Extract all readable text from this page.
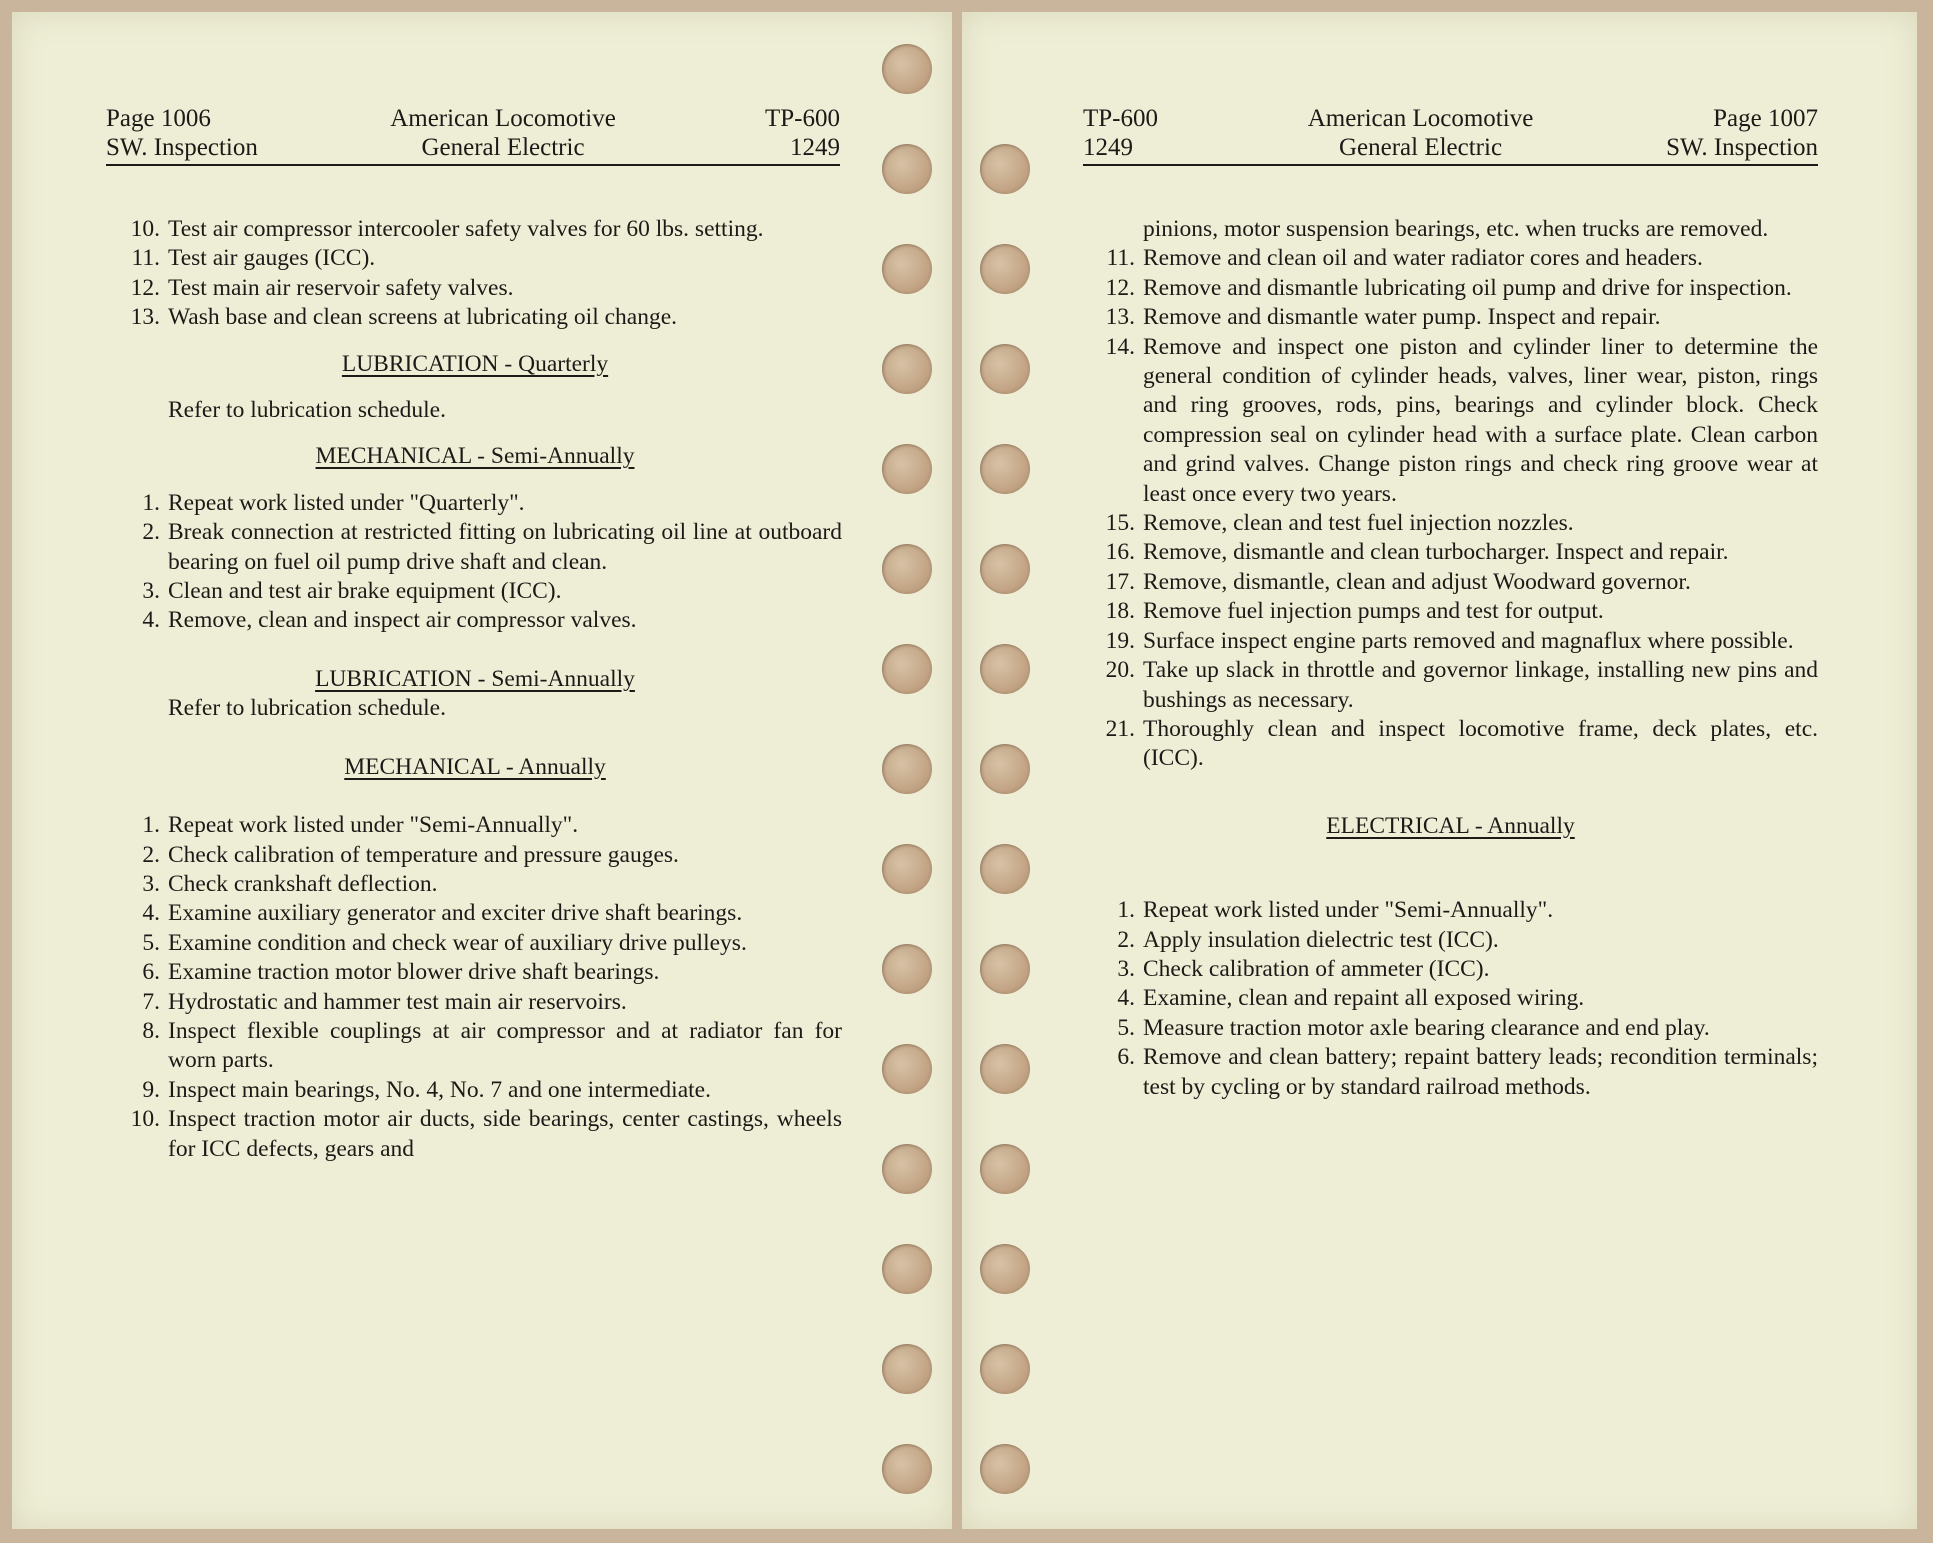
Page 1006	American Locomotive	TP-600
SW. Inspection	General Electric	1249
10. Test air compressor intercooler safety valves for 60 lbs. setting.
11. Test air gauges (ICC).
12. Test main air reservoir safety valves.
13. Wash base and clean screens at lubricating oil change.
LUBRICATION - Quarterly
Refer to lubrication schedule.
MECHANICAL - Semi-Annually
1. Repeat work listed under "Quarterly".
2. Break connection at restricted fitting on lubricating oil line at outboard bearing on fuel oil pump drive shaft and clean.
3. Clean and test air brake equipment (ICC).
4. Remove, clean and inspect air compressor valves.
LUBRICATION - Semi-Annually
Refer to lubrication schedule.
MECHANICAL - Annually
1. Repeat work listed under "Semi-Annually".
2. Check calibration of temperature and pressure gauges.
3. Check crankshaft deflection.
4. Examine auxiliary generator and exciter drive shaft bearings.
5. Examine condition and check wear of auxiliary drive pulleys.
6. Examine traction motor blower drive shaft bearings.
7. Hydrostatic and hammer test main air reservoirs.
8. Inspect flexible couplings at air compressor and at radiator fan for worn parts.
9. Inspect main bearings, No. 4, No. 7 and one intermediate.
10. Inspect traction motor air ducts, side bearings, center castings, wheels for ICC defects, gears and
TP-600	American Locomotive	Page 1007
1249	General Electric	SW. Inspection
pinions, motor suspension bearings, etc. when trucks are removed.
11. Remove and clean oil and water radiator cores and headers.
12. Remove and dismantle lubricating oil pump and drive for inspection.
13. Remove and dismantle water pump. Inspect and repair.
14. Remove and inspect one piston and cylinder liner to determine the general condition of cylinder heads, valves, liner wear, piston, rings and ring grooves, rods, pins, bearings and cylinder block. Check compression seal on cylinder head with a surface plate. Clean carbon and grind valves. Change piston rings and check ring groove wear at least once every two years.
15. Remove, clean and test fuel injection nozzles.
16. Remove, dismantle and clean turbocharger. Inspect and repair.
17. Remove, dismantle, clean and adjust Woodward governor.
18. Remove fuel injection pumps and test for output.
19. Surface inspect engine parts removed and magnaflux where possible.
20. Take up slack in throttle and governor linkage, installing new pins and bushings as necessary.
21. Thoroughly clean and inspect locomotive frame, deck plates, etc. (ICC).
ELECTRICAL - Annually
1. Repeat work listed under "Semi-Annually".
2. Apply insulation dielectric test (ICC).
3. Check calibration of ammeter (ICC).
4. Examine, clean and repaint all exposed wiring.
5. Measure traction motor axle bearing clearance and end play.
6. Remove and clean battery; repaint battery leads; recondition terminals; test by cycling or by standard railroad methods.
